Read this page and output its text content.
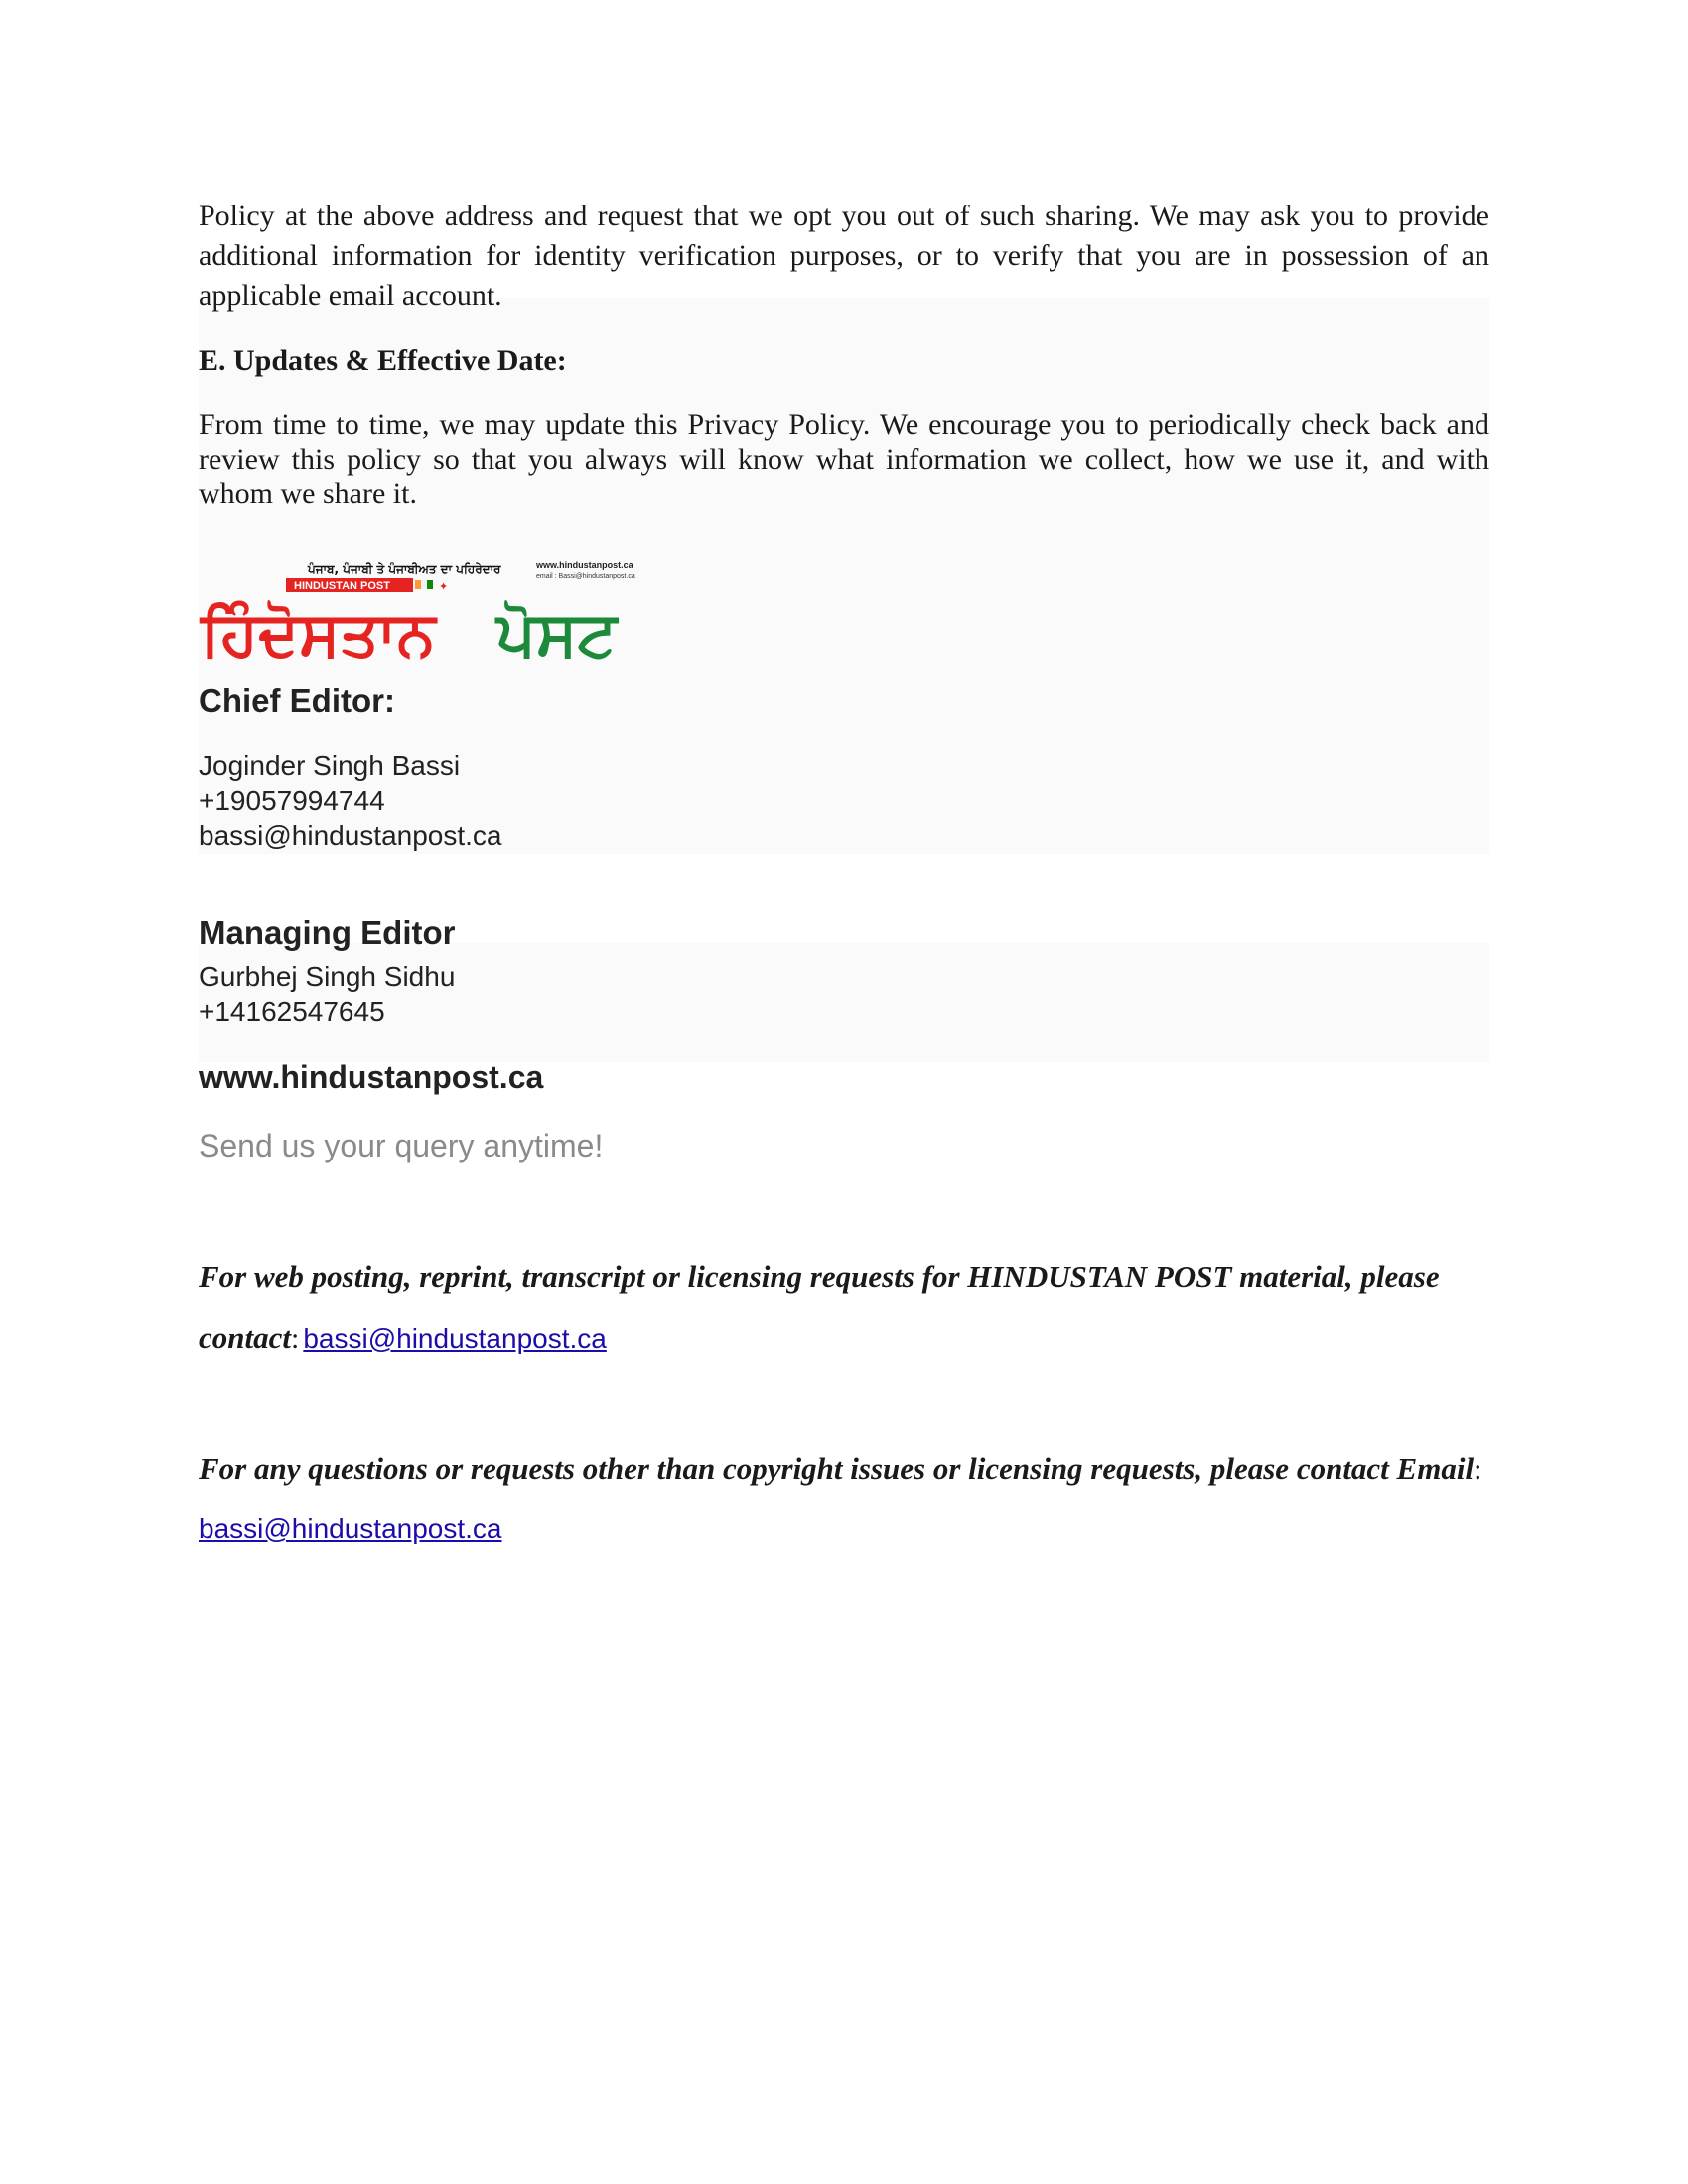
Policy at the above address and request that we opt you out of such sharing. We may ask you to provide additional information for identity verification purposes, or to verify that you are in possession of an applicable email account.

E. Updates & Effective Date:

From time to time, we may update this Privacy Policy. We encourage you to periodically check back and review this policy so that you always will know what information we collect, how we use it, and with whom we share it.

ਪੰਜਾਬ, ਪੰਜਾਬੀ ਤੇ ਪੰਜਾਬੀਅਤ ਦਾ ਪਹਿਰੇਦਾਰ
HINDUSTAN POST	✦
www.hindustanpost.ca
email : Bassi@hindustanpost.ca
ਹਿੰਦੋਸਤਾਨ ਪੋਸਟ

Chief Editor:

Joginder Singh Bassi

+19057994744

bassi@hindustanpost.ca

Managing Editor

Gurbhej Singh Sidhu

+14162547645

www.hindustanpost.ca

Send us your query anytime!

For web posting, reprint, transcript or licensing requests for HINDUSTAN POST material, please

contact: bassi@hindustanpost.ca

For any questions or requests other than copyright issues or licensing requests, please contact Email:

bassi@hindustanpost.ca
